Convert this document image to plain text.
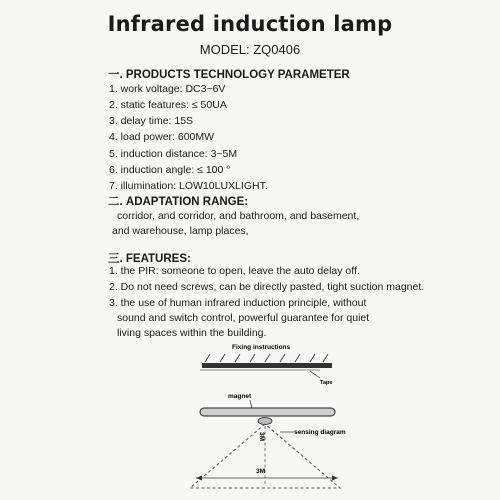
Infrared induction lamp
MODEL: ZQ0406
一. PRODUCTS TECHNOLOGY PARAMETER
1. work voltage: DC3~6V
2. static features: ≤ 50UA
3. delay time: 15S
4. load power: 600MW
5. induction distance: 3~5M
6. induction angle: ≤ 100 °
7. illumination: LOW10LUXLIGHT.
二. ADAPTATION RANGE:
corridor, and corridor, and bathroom, and basement,
and warehouse, lamp places,
三. FEATURES:
1. the PIR: someone to open, leave the auto delay off.
2. Do not need screws, can be directly pasted, tight suction magnet.
3. the use of human infrared induction principle, without
sound and switch control, powerful guarantee for quiet
living spaces within the building.
Fixing instructions
Tape
magnet
3M	sensing diagram
3M
